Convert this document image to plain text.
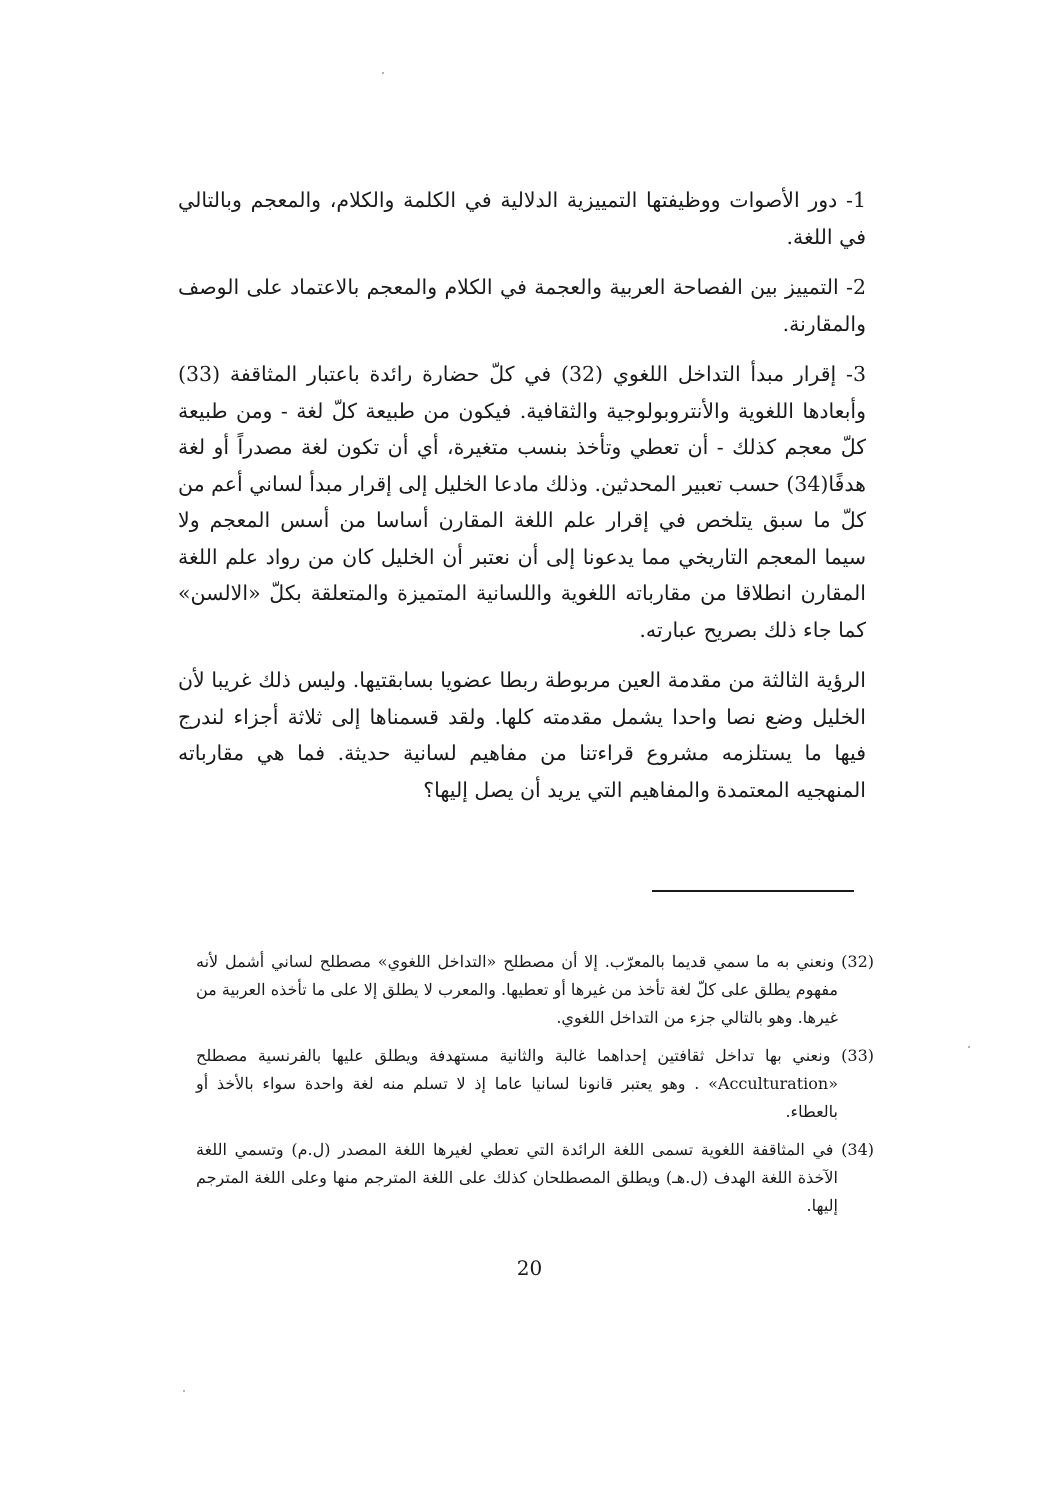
1- دور الأصوات ووظيفتها التمييزية الدلالية في الكلمة والكلام، والمعجم وبالتالي في اللغة.

2- التمييز بين الفصاحة العربية والعجمة في الكلام والمعجم بالاعتماد على الوصف والمقارنة.

3- إقرار مبدأ التداخل اللغوي (32) في كلّ حضارة رائدة باعتبار المثاقفة (33) وأبعادها اللغوية والأنتروبولوجية والثقافية. فيكون من طبيعة كلّ لغة - ومن طبيعة كلّ معجم كذلك - أن تعطي وتأخذ بنسب متغيرة، أي أن تكون لغة مصدراً أو لغة هدفًا(34) حسب تعبير المحدثين. وذلك مادعا الخليل إلى إقرار مبدأ لساني أعم من كلّ ما سبق يتلخص في إقرار علم اللغة المقارن أساسا من أسس المعجم ولا سيما المعجم التاريخي مما يدعونا إلى أن نعتبر أن الخليل كان من رواد علم اللغة المقارن انطلاقا من مقارباته اللغوية واللسانية المتميزة والمتعلقة بكلّ «الالسن» كما جاء ذلك بصريح عبارته.

الرؤية الثالثة من مقدمة العين مربوطة ربطا عضويا بسابقتيها. وليس ذلك غريبا لأن الخليل وضع نصا واحدا يشمل مقدمته كلها. ولقد قسمناها إلى ثلاثة أجزاء لندرج فيها ما يستلزمه مشروع قراءتنا من مفاهيم لسانية حديثة. فما هي مقارباته المنهجيه المعتمدة والمفاهيم التي يريد أن يصل إليها؟

(32) ونعني به ما سمي قديما بالمعرّب. إلا أن مصطلح «التداخل اللغوي» مصطلح لساني أشمل لأنه مفهوم يطلق على كلّ لغة تأخذ من غيرها أو تعطيها. والمعرب لا يطلق إلا على ما تأخذه العربية من غيرها. وهو بالتالي جزء من التداخل اللغوي.

(33) ونعني بها تداخل ثقافتين إحداهما غالبة والثانية مستهدفة ويطلق عليها بالفرنسية مصطلح «Acculturation» . وهو يعتبر قانونا لسانيا عاما إذ لا تسلم منه لغة واحدة سواء بالأخذ أو بالعطاء.

(34) في المثاقفة اللغوية تسمى اللغة الرائدة التي تعطي لغيرها اللغة المصدر (ل.م) وتسمي اللغة الآخذة اللغة الهدف (ل.هـ) ويطلق المصطلحان كذلك على اللغة المترجم منها وعلى اللغة المترجم إليها.

20
